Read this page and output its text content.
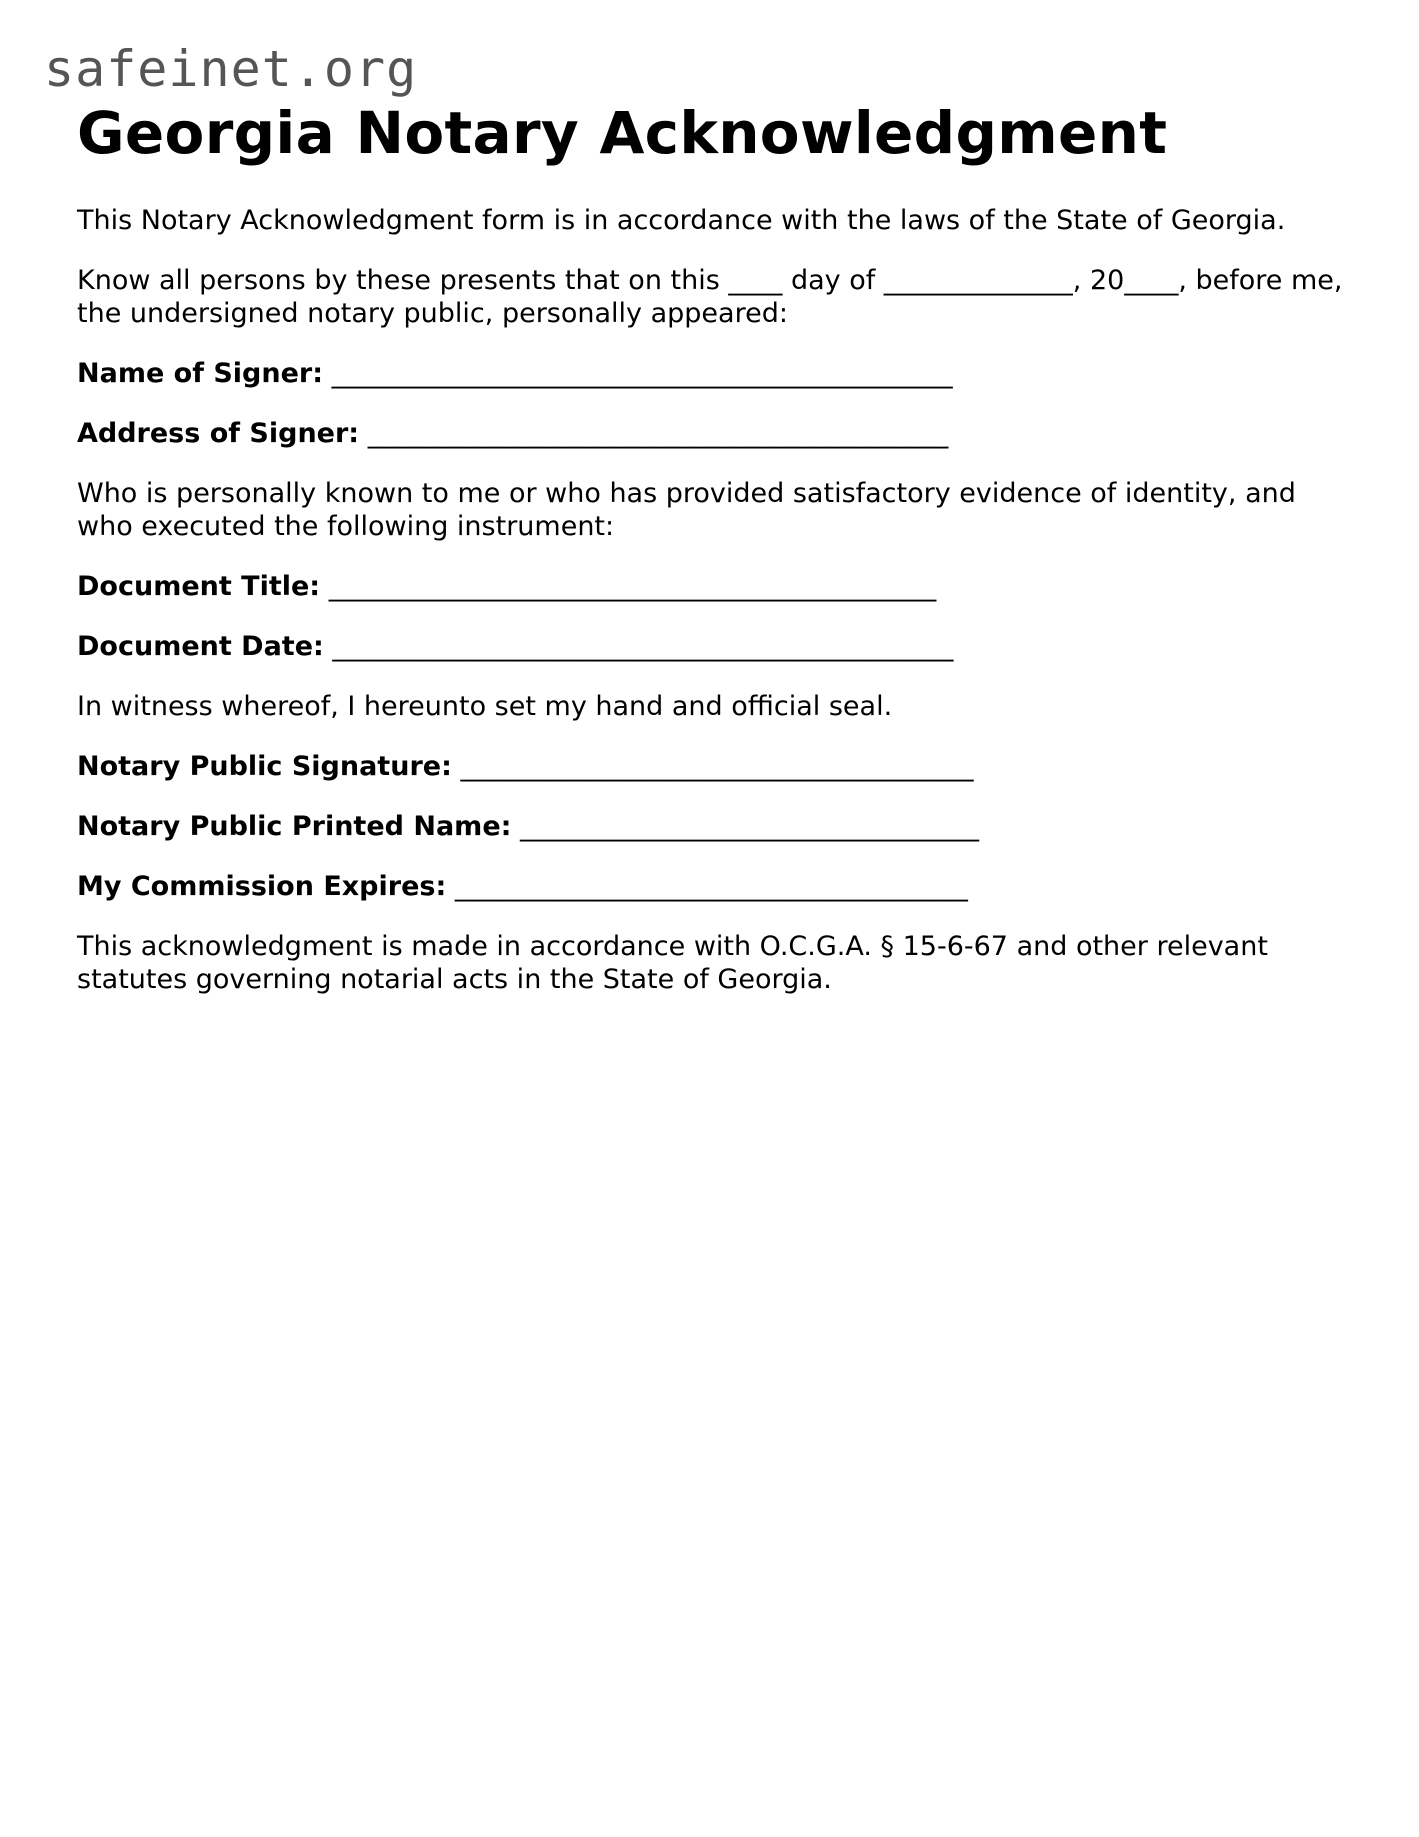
safeinet.org
Georgia Notary Acknowledgment

This Notary Acknowledgment form is in accordance with the laws of the State of Georgia.

Know all persons by these presents that on this ____ day of ______________, 20____, before me, the undersigned notary public, personally appeared:

Name of Signer: ______________________________________________
Address of Signer: ___________________________________________

Who is personally known to me or who has provided satisfactory evidence of identity, and who executed the following instrument:

Document Title: _____________________________________________
Document Date: ______________________________________________

In witness whereof, I hereunto set my hand and official seal.

Notary Public Signature: ______________________________________
Notary Public Printed Name: __________________________________
My Commission Expires: ______________________________________

This acknowledgment is made in accordance with O.C.G.A. § 15-6-67 and other relevant statutes governing notarial acts in the State of Georgia.
